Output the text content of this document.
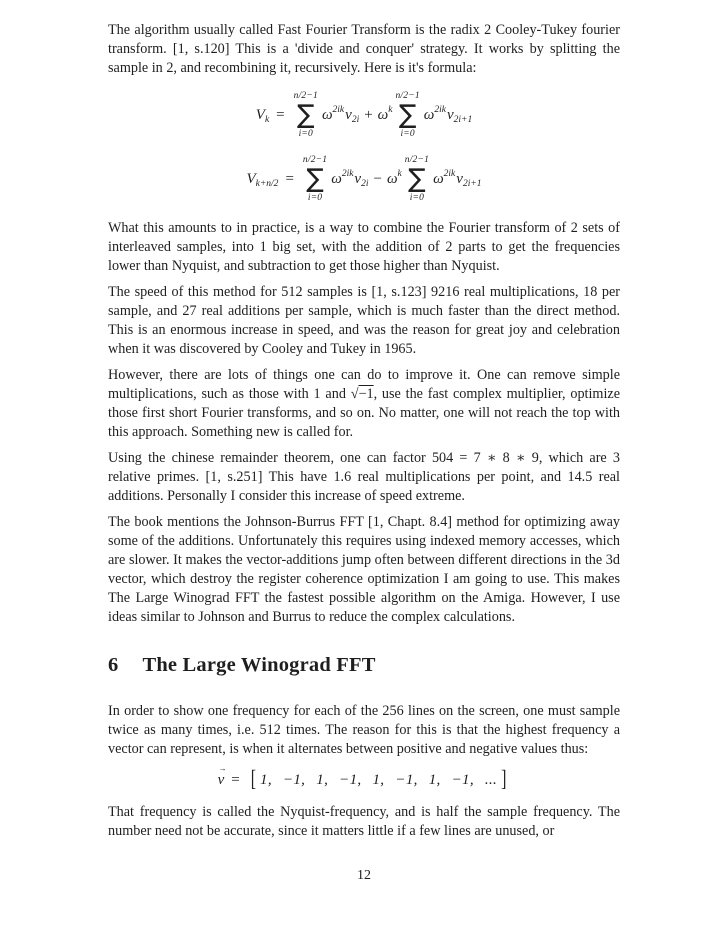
The algorithm usually called Fast Fourier Transform is the radix 2 Cooley-Tukey fourier transform. [1, s.120] This is a 'divide and conquer' strategy. It works by splitting the sample in 2, and recombining it, recursively. Here is it's formula:

$V_k$ =
n/2−1
∑
i=0
$\omega^{2ik}v_{2i} + \omega^k$
n/2−1
∑
i=0
$\omega^{2ik}v_{2i+1}$
$V_{k+n/2}$ =
n/2−1
∑
i=0
$\omega^{2ik}v_{2i} - \omega^k$
n/2−1
∑
i=0
$\omega^{2ik}v_{2i+1}$

What this amounts to in practice, is a way to combine the Fourier transform of 2 sets of interleaved samples, into 1 big set, with the addition of 2 parts to get the frequencies lower than Nyquist, and subtraction to get those higher than Nyquist.

The speed of this method for 512 samples is [1, s.123] 9216 real multiplications, 18 per sample, and 27 real additions per sample, which is much faster than the direct method. This is an enormous increase in speed, and was the reason for great joy and celebration when it was discovered by Cooley and Tukey in 1965.

However, there are lots of things one can do to improve it. One can remove simple multiplications, such as those with 1 and √−1, use the fast complex multiplier, optimize those first short Fourier transforms, and so on. No matter, one will not reach the top with this approach. Something new is called for.

Using the chinese remainder theorem, one can factor 504 = 7 ∗ 8 ∗ 9, which are 3 relative primes. [1, s.251] This have 1.6 real multiplications per point, and 14.5 real additions. Personally I consider this increase of speed extreme.

The book mentions the Johnson-Burrus FFT [1, Chapt. 8.4] method for optimizing away some of the additions. Unfortunately this requires using indexed memory accesses, which are slower. It makes the vector-additions jump often between different directions in the 3d vector, which destroy the register coherence optimization I am going to use. This makes The Large Winograd FFT the fastest possible algorithm on the Amiga. However, I use ideas similar to Johnson and Burrus to reduce the complex calculations.

6 The Large Winograd FFT

In order to show one frequency for each of the 256 lines on the screen, one must sample twice as many times, i.e. 512 times. The reason for this is that the highest frequency a vector can represent, is when it alternates between positive and negative values thus:

v
→
= [ 1, −1, 1, −1, 1, −1, 1, −1, ... ]

That frequency is called the Nyquist-frequency, and is half the sample frequency. The number need not be accurate, since it matters little if a few lines are unused, or

12
